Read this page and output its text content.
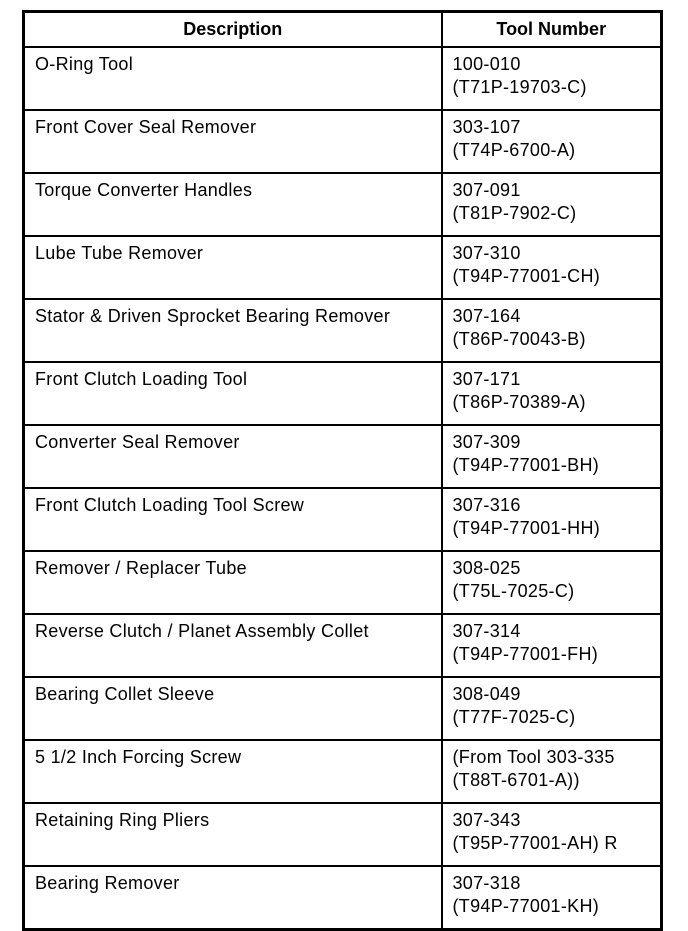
Description	Tool Number
O-Ring Tool	100-010
(T71P-19703-C)

Front Cover Seal Remover	303-107
(T74P-6700-A)

Torque Converter Handles	307-091
(T81P-7902-C)

Lube Tube Remover	307-310
(T94P-77001-CH)

Stator & Driven Sprocket Bearing Remover	307-164
(T86P-70043-B)

Front Clutch Loading Tool	307-171
(T86P-70389-A)

Converter Seal Remover	307-309
(T94P-77001-BH)

Front Clutch Loading Tool Screw	307-316
(T94P-77001-HH)

Remover / Replacer Tube	308-025
(T75L-7025-C)

Reverse Clutch / Planet Assembly Collet	307-314
(T94P-77001-FH)

Bearing Collet Sleeve	308-049
(T77F-7025-C)

5 1/2 Inch Forcing Screw	(From Tool 303-335
(T88T-6701-A))

Retaining Ring Pliers	307-343
(T95P-77001-AH) R

Bearing Remover	307-318
(T94P-77001-KH)
